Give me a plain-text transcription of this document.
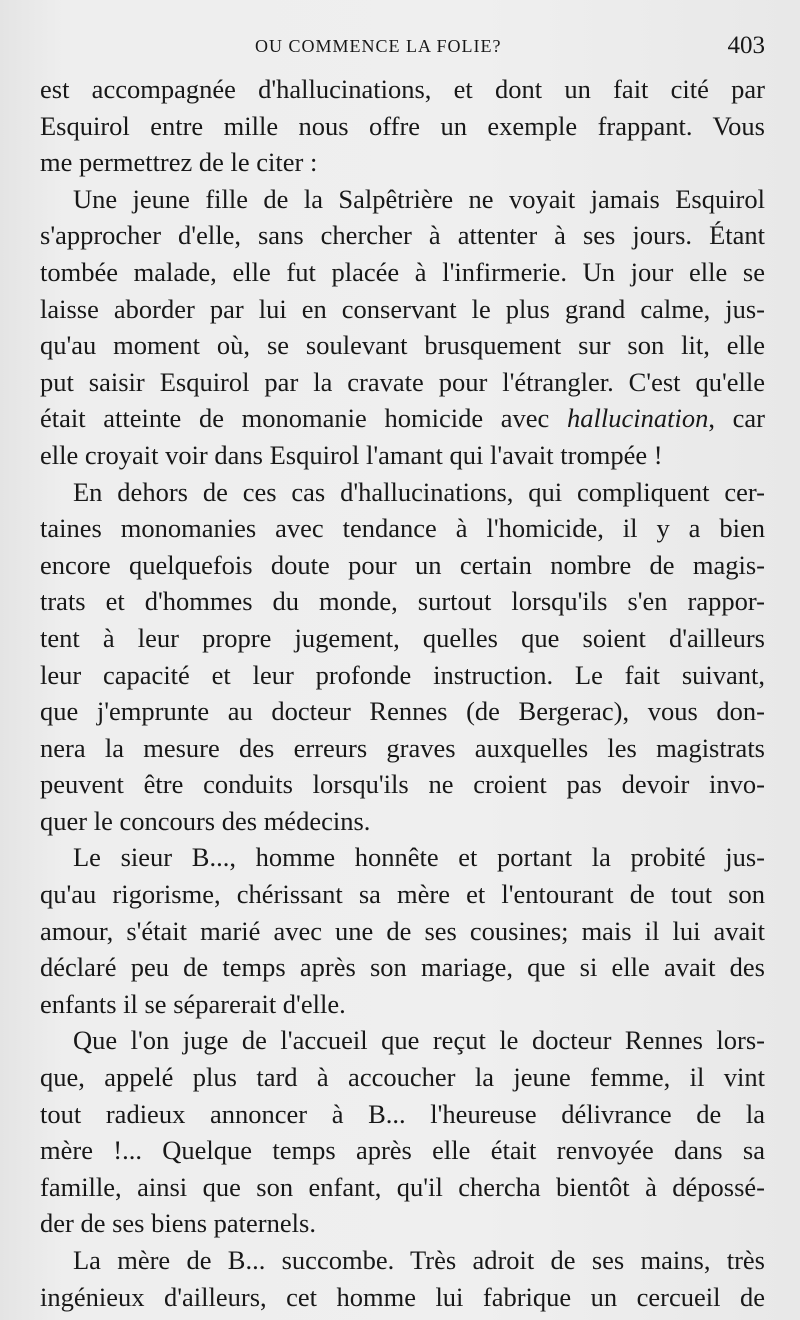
OU COMMENCE LA FOLIE?	403

est accompagnée d'hallucinations, et dont un fait cité par
Esquirol entre mille nous offre un exemple frappant. Vous

me permettrez de le citer :

Une jeune fille de la Salpêtrière ne voyait jamais Esquirol
s'approcher d'elle, sans chercher à attenter à ses jours. Étant
tombée malade, elle fut placée à l'infirmerie. Un jour elle se
laisse aborder par lui en conservant le plus grand calme, jus-
qu'au moment où, se soulevant brusquement sur son lit, elle
put saisir Esquirol par la cravate pour l'étrangler. C'est qu'elle
était atteinte de monomanie homicide avec hallucination, car

elle croyait voir dans Esquirol l'amant qui l'avait trompée !

En dehors de ces cas d'hallucinations, qui compliquent cer-
taines monomanies avec tendance à l'homicide, il y a bien
encore quelquefois doute pour un certain nombre de magis-
trats et d'hommes du monde, surtout lorsqu'ils s'en rappor-
tent à leur propre jugement, quelles que soient d'ailleurs
leur capacité et leur profonde instruction. Le fait suivant,
que j'emprunte au docteur Rennes (de Bergerac), vous don-
nera la mesure des erreurs graves auxquelles les magistrats
peuvent être conduits lorsqu'ils ne croient pas devoir invo-

quer le concours des médecins.

Le sieur B..., homme honnête et portant la probité jus-
qu'au rigorisme, chérissant sa mère et l'entourant de tout son
amour, s'était marié avec une de ses cousines; mais il lui avait
déclaré peu de temps après son mariage, que si elle avait des

enfants il se séparerait d'elle.

Que l'on juge de l'accueil que reçut le docteur Rennes lors-
que, appelé plus tard à accoucher la jeune femme, il vint
tout radieux annoncer à B... l'heureuse délivrance de la
mère !... Quelque temps après elle était renvoyée dans sa
famille, ainsi que son enfant, qu'il chercha bientôt à dépossé-

der de ses biens paternels.

La mère de B... succombe. Très adroit de ses mains, très
ingénieux d'ailleurs, cet homme lui fabrique un cercueil de
